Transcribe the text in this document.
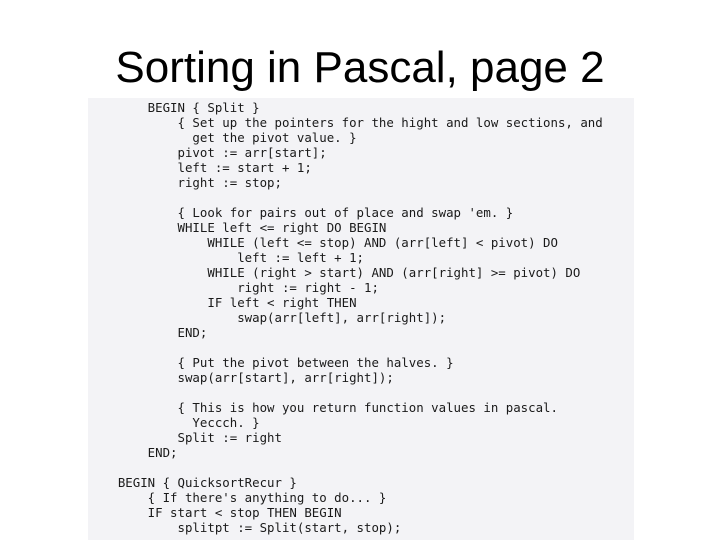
Sorting in Pascal, page 2
BEGIN { Split }
{ Set up the pointers for the hight and low sections, and
get the pivot value. }
pivot := arr[start];
left := start + 1;
right := stop;
{ Look for pairs out of place and swap 'em. }
WHILE left <= right DO BEGIN
WHILE (left <= stop) AND (arr[left] < pivot) DO
left := left + 1;
WHILE (right > start) AND (arr[right] >= pivot) DO
right := right - 1;
IF left < right THEN
swap(arr[left], arr[right]);
END;
{ Put the pivot between the halves. }
swap(arr[start], arr[right]);
{ This is how you return function values in pascal.
Yeccch. }
Split := right
END;
BEGIN { QuicksortRecur }
{ If there's anything to do... }
IF start < stop THEN BEGIN
splitpt := Split(start, stop);
